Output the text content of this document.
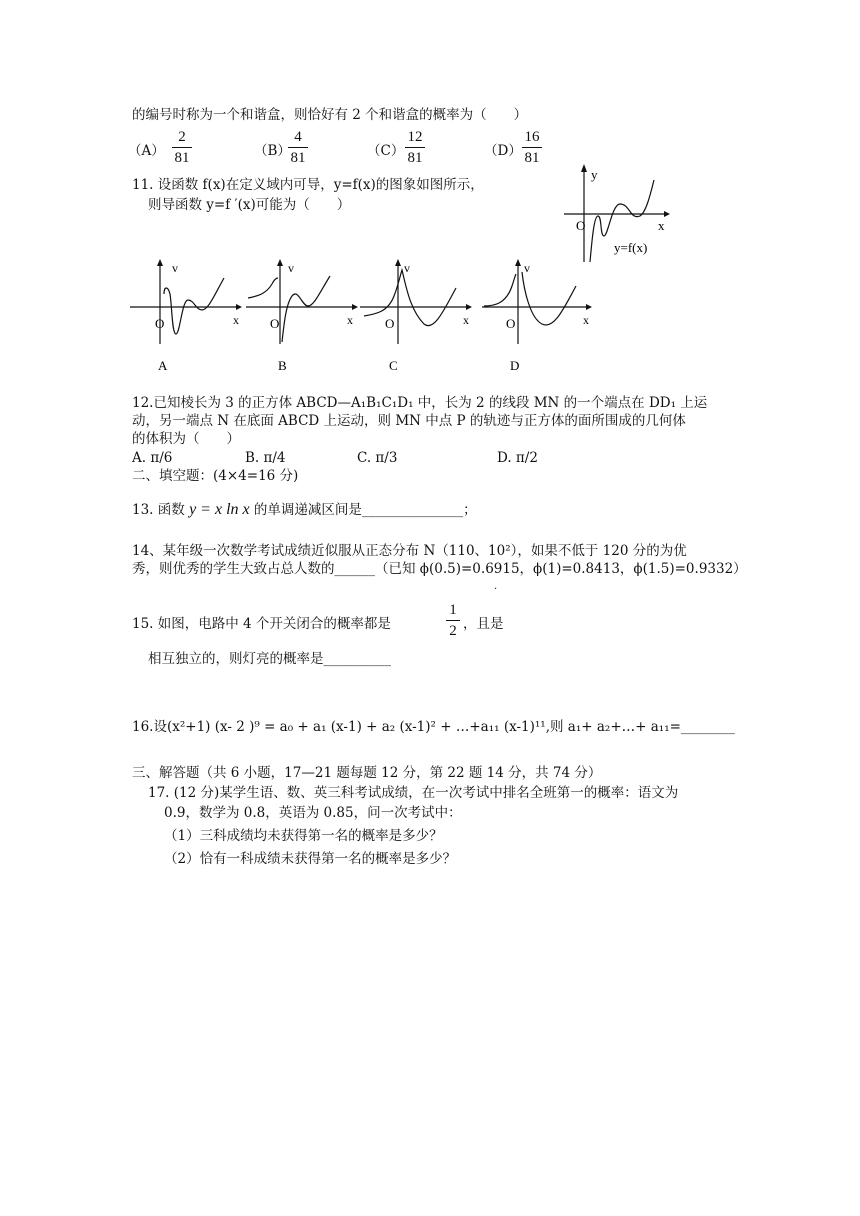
的编号时称为一个和谐盒，则恰好有 2 个和谐盒的概率为（　　）
（A）
2
81	（B）
4
81	（C）
12
81	（D）
16
81
11. 设函数 f(x)在定义域内可导，y=f(x)的图象如图所示，
则导函数 y=f ′(x)可能为（　　）
y
x
O
y=f(x)
v
x
O
A
v
x
O
B
v
x
O
C
v
x
O
D
12.已知棱长为 3 的正方体 ABCD—A₁B₁C₁D₁ 中，长为 2 的线段 MN 的一个端点在 DD₁ 上运
动，另一端点 N 在底面 ABCD 上运动，则 MN 中点 P 的轨迹与正方体的面所围成的几何体
的体积为（　　）
A. π/6	B. π/4	C. π/3	D. π/2
二、填空题：(4×4=16 分)
13. 函数 y = x ln x 的单调递减区间是_______________；
14、某年级一次数学考试成绩近似服从正态分布 N（110、10²），如果不低于 120 分的为优
秀，则优秀的学生大致占总人数的______（已知 ϕ(0.5)=0.6915，ϕ(1)=0.8413，ϕ(1.5)=0.9332）
.
15. 如图，电路中 4 个开关闭合的概率都是
1
2 ，且是
相互独立的，则灯亮的概率是__________
16.设(x²+1) (x- 2 )⁹ = a₀ + a₁ (x-1) + a₂ (x-1)² + …+a₁₁ (x-1)¹¹,则 a₁+ a₂+…+ a₁₁=________
三、解答题（共 6 小题，17—21 题每题 12 分，第 22 题 14 分，共 74 分）
17. (12 分)某学生语、数、英三科考试成绩，在一次考试中排名全班第一的概率：语文为
0.9，数学为 0.8，英语为 0.85，问一次考试中：
（1）三科成绩均未获得第一名的概率是多少？
（2）恰有一科成绩未获得第一名的概率是多少？
